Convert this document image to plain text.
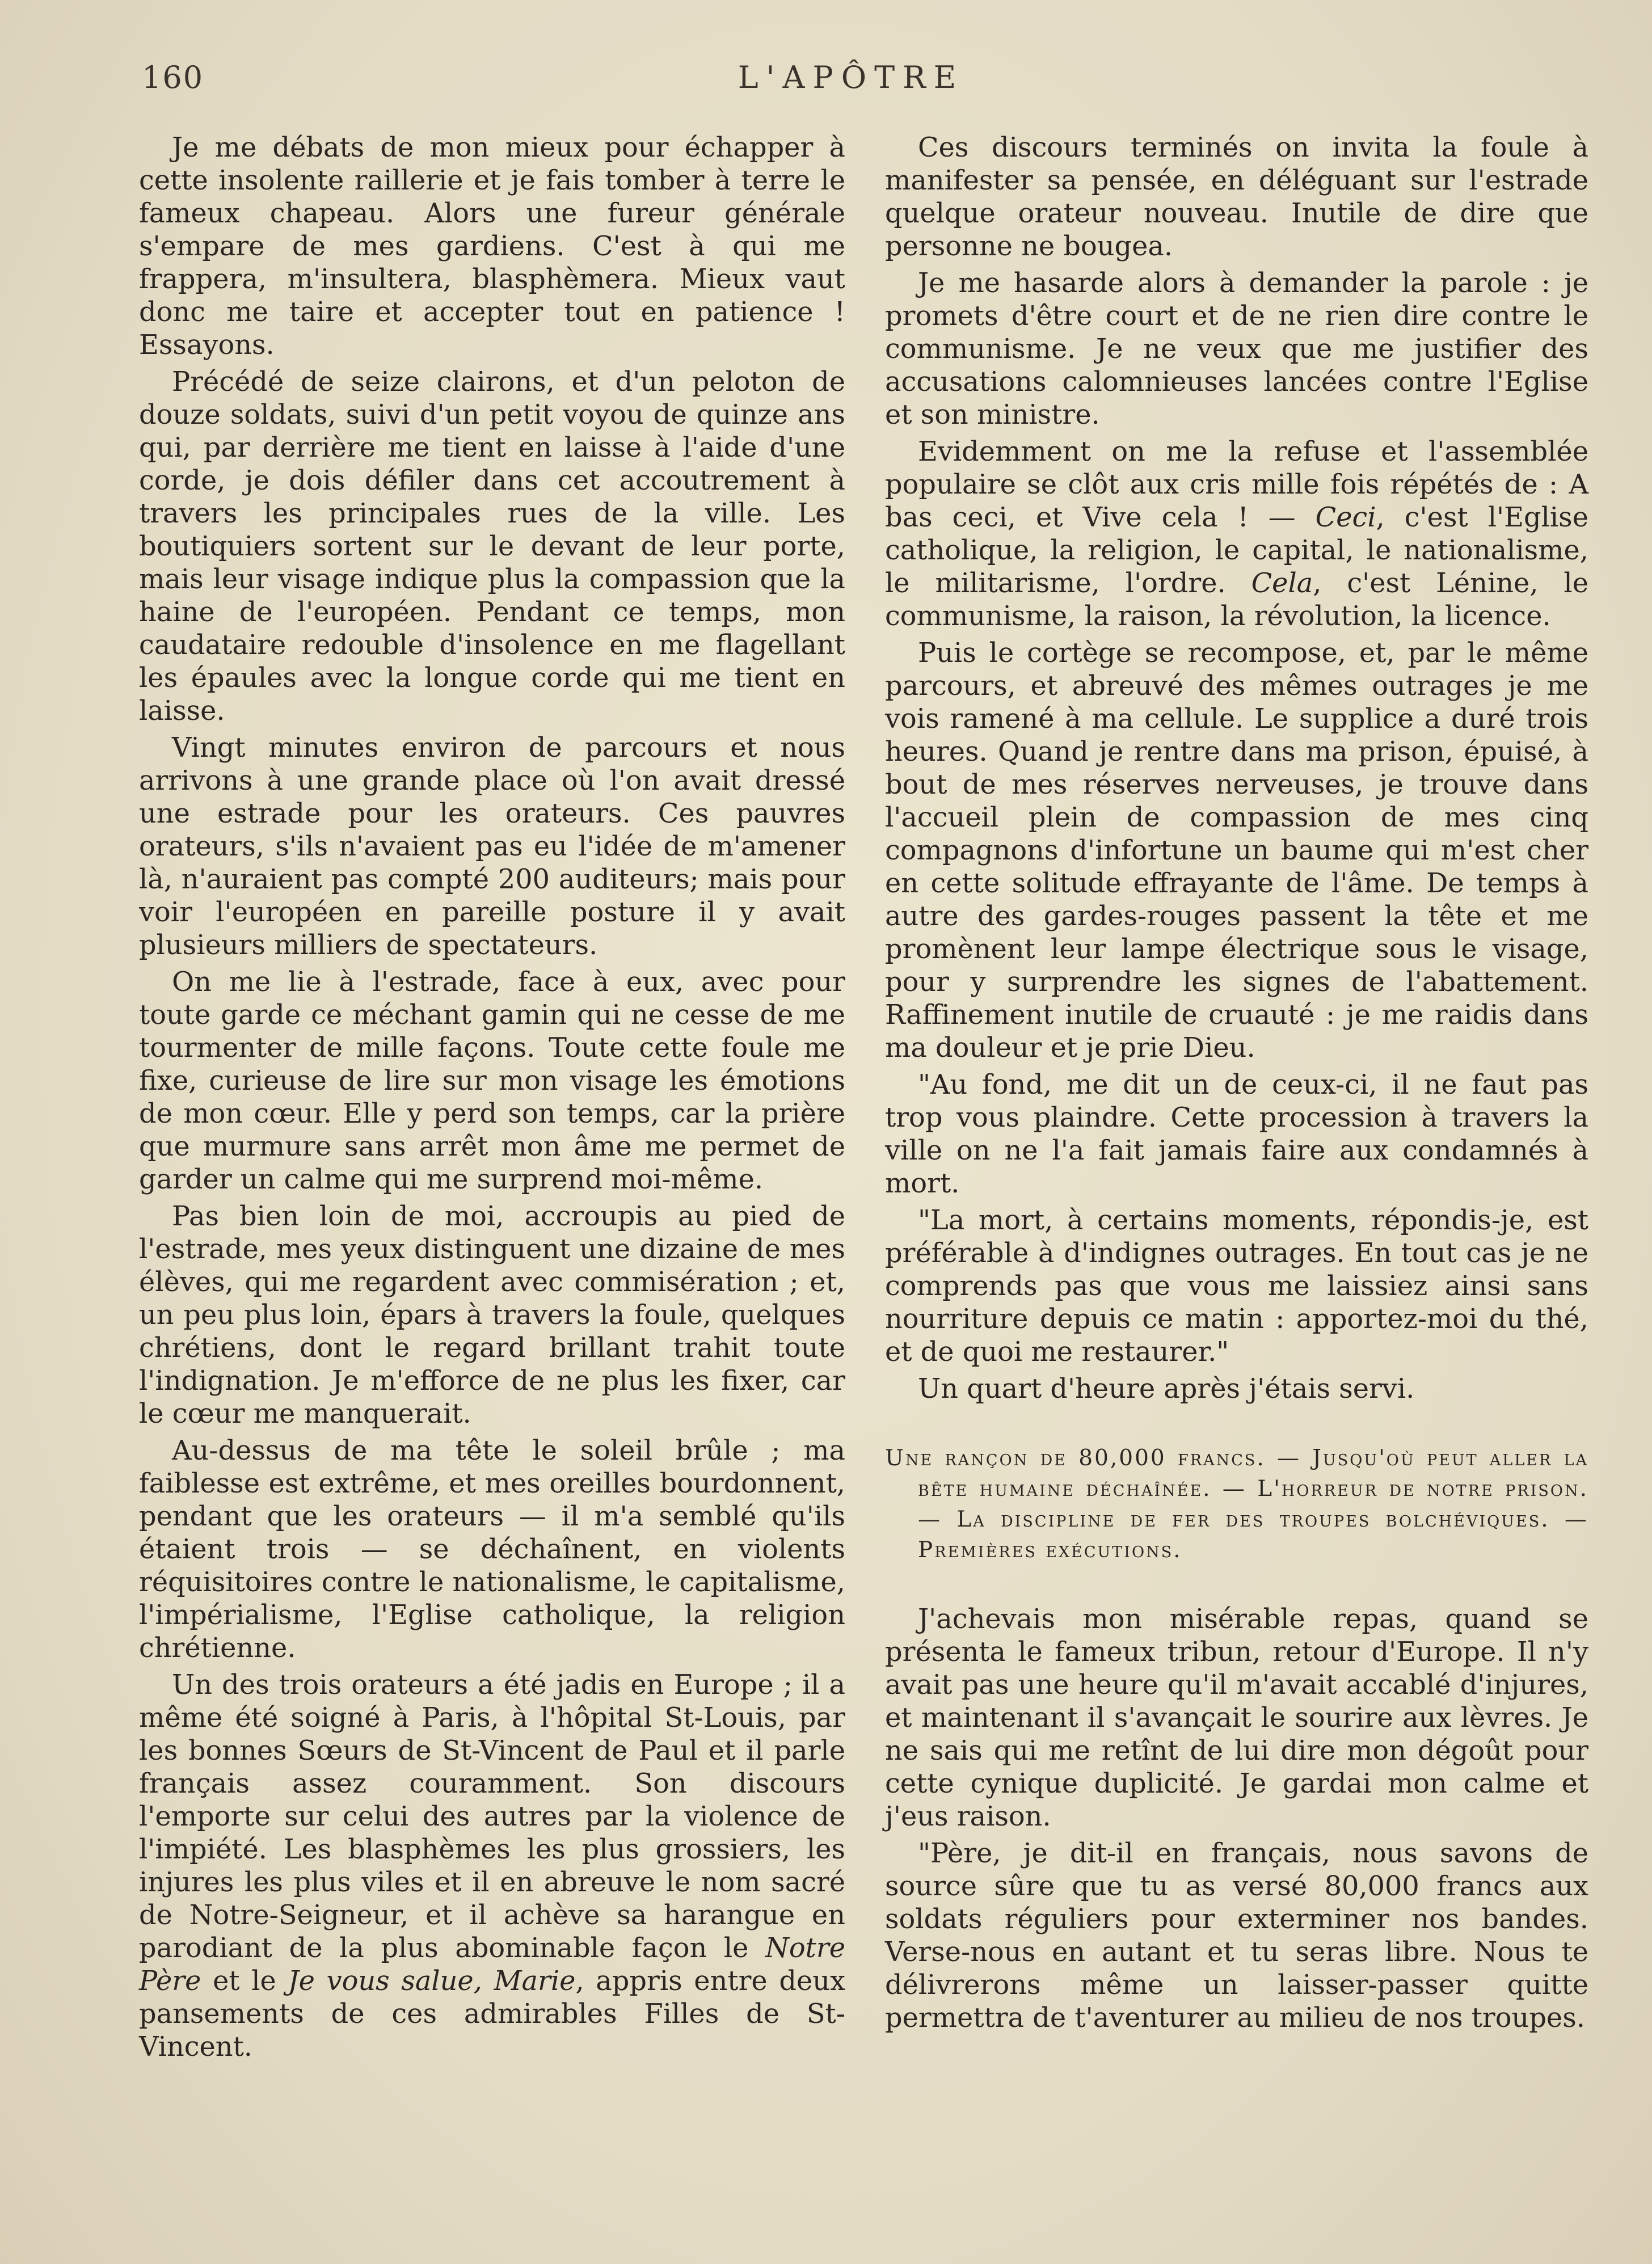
160	L'APÔTRE

Je me débats de mon mieux pour échapper à cette insolente raillerie et je fais tomber à terre le fameux chapeau. Alors une fureur générale s'empare de mes gardiens. C'est à qui me frappera, m'insultera, blasphèmera. Mieux vaut donc me taire et accepter tout en patience ! Essayons.

Précédé de seize clairons, et d'un peloton de douze soldats, suivi d'un petit voyou de quinze ans qui, par derrière me tient en laisse à l'aide d'une corde, je dois défiler dans cet accoutrement à travers les principales rues de la ville. Les boutiquiers sortent sur le devant de leur porte, mais leur visage indique plus la compassion que la haine de l'européen. Pendant ce temps, mon caudataire redouble d'insolence en me flagellant les épaules avec la longue corde qui me tient en laisse.

Vingt minutes environ de parcours et nous arrivons à une grande place où l'on avait dressé une estrade pour les orateurs. Ces pauvres orateurs, s'ils n'avaient pas eu l'idée de m'amener là, n'auraient pas compté 200 auditeurs; mais pour voir l'européen en pareille posture il y avait plusieurs milliers de spectateurs.

On me lie à l'estrade, face à eux, avec pour toute garde ce méchant gamin qui ne cesse de me tourmenter de mille façons. Toute cette foule me fixe, curieuse de lire sur mon visage les émotions de mon cœur. Elle y perd son temps, car la prière que murmure sans arrêt mon âme me permet de garder un calme qui me surprend moi-même.

Pas bien loin de moi, accroupis au pied de l'estrade, mes yeux distinguent une dizaine de mes élèves, qui me regardent avec commisération ; et, un peu plus loin, épars à travers la foule, quelques chrétiens, dont le regard brillant trahit toute l'indignation. Je m'efforce de ne plus les fixer, car le cœur me manquerait.

Au-dessus de ma tête le soleil brûle ; ma faiblesse est extrême, et mes oreilles bourdonnent, pendant que les orateurs — il m'a semblé qu'ils étaient trois — se déchaînent, en violents réquisitoires contre le nationalisme, le capitalisme, l'impérialisme, l'Eglise catholique, la religion chrétienne.

Un des trois orateurs a été jadis en Europe ; il a même été soigné à Paris, à l'hôpital St-Louis, par les bonnes Sœurs de St-Vincent de Paul et il parle français assez couramment. Son discours l'emporte sur celui des autres par la violence de l'impiété. Les blasphèmes les plus grossiers, les injures les plus viles et il en abreuve le nom sacré de Notre-Seigneur, et il achève sa harangue en parodiant de la plus abominable façon le Notre Père et le Je vous salue, Marie, appris entre deux pansements de ces admirables Filles de St-Vincent.

Ces discours terminés on invita la foule à manifester sa pensée, en déléguant sur l'estrade quelque orateur nouveau. Inutile de dire que personne ne bougea.

Je me hasarde alors à demander la parole : je promets d'être court et de ne rien dire contre le communisme. Je ne veux que me justifier des accusations calomnieuses lancées contre l'Eglise et son ministre.

Evidemment on me la refuse et l'assemblée populaire se clôt aux cris mille fois répétés de : A bas ceci, et Vive cela ! — Ceci, c'est l'Eglise catholique, la religion, le capital, le nationalisme, le militarisme, l'ordre. Cela, c'est Lénine, le communisme, la raison, la révolution, la licence.

Puis le cortège se recompose, et, par le même parcours, et abreuvé des mêmes outrages je me vois ramené à ma cellule. Le supplice a duré trois heures. Quand je rentre dans ma prison, épuisé, à bout de mes réserves nerveuses, je trouve dans l'accueil plein de compassion de mes cinq compagnons d'infortune un baume qui m'est cher en cette solitude effrayante de l'âme. De temps à autre des gardes-rouges passent la tête et me promènent leur lampe électrique sous le visage, pour y surprendre les signes de l'abattement. Raffinement inutile de cruauté : je me raidis dans ma douleur et je prie Dieu.

"Au fond, me dit un de ceux-ci, il ne faut pas trop vous plaindre. Cette procession à travers la ville on ne l'a fait jamais faire aux condamnés à mort.

"La mort, à certains moments, répondis-je, est préférable à d'indignes outrages. En tout cas je ne comprends pas que vous me laissiez ainsi sans nourriture depuis ce matin : apportez-moi du thé, et de quoi me restaurer."

Un quart d'heure après j'étais servi.

Une rançon de 80,000 francs. — Jusqu'où peut aller la bête humaine déchaînée. — L'horreur de notre prison. — La discipline de fer des troupes bolchéviques. — Premières exécutions.

J'achevais mon misérable repas, quand se présenta le fameux tribun, retour d'Europe. Il n'y avait pas une heure qu'il m'avait accablé d'injures, et maintenant il s'avançait le sourire aux lèvres. Je ne sais qui me retînt de lui dire mon dégoût pour cette cynique duplicité. Je gardai mon calme et j'eus raison.

"Père, je dit-il en français, nous savons de source sûre que tu as versé 80,000 francs aux soldats réguliers pour exterminer nos bandes. Verse-nous en autant et tu seras libre. Nous te délivrerons même un laisser-passer quitte permettra de t'aventurer au milieu de nos troupes.
